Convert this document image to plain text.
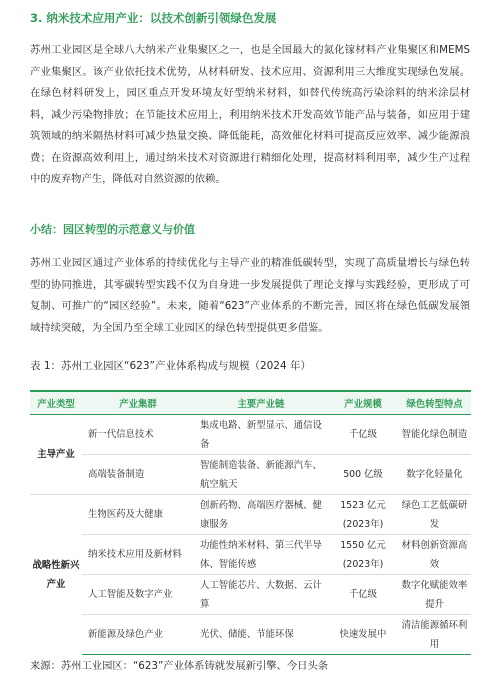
3. 纳米技术应用产业：以技术创新引领绿色发展
苏州工业园区是全球八大纳米产业集聚区之一，也是全国最大的氮化镓材料产业集聚区和MEMS 产业集聚区。该产业依托技术优势，从材料研发、技术应用、资源利用三大维度实现绿色发展。在绿色材料研发上，园区重点开发环境友好型纳米材料，如替代传统高污染涂料的纳米涂层材料，减少污染物排放；在节能技术应用上，利用纳米技术开发高效节能产品与装备，如应用于建筑领域的纳米隔热材料可减少热量交换、降低能耗，高效催化材料可提高反应效率、减少能源浪费；在资源高效利用上，通过纳米技术对资源进行精细化处理，提高材料利用率，减少生产过程中的废弃物产生，降低对自然资源的依赖。
小结：园区转型的示范意义与价值
苏州工业园区通过产业体系的持续优化与主导产业的精准低碳转型，实现了高质量增长与绿色转型的协同推进，其零碳转型实践不仅为自身进一步发展提供了理论支撑与实践经验，更形成了可复制、可推广的“园区经验”。未来，随着“623”产业体系的不断完善，园区将在绿色低碳发展領域持续突破，为全国乃至全球工业园区的绿色转型提供更多借鉴。
表 1：苏州工业园区“623”产业体系构成与规模（2024 年）
产业类型	产业集群	主要产业链	产业规模	绿色转型特点
主导产业	新一代信息技术	集成电路、新型显示、通信设备	千亿级	智能化绿色制造
	高端装备制造	智能制造装备、新能源汽车、航空航天	500 亿级	数字化轻量化
战略性新兴产业	生物医药及大健康	创新药物、高端医疗器械、健康服务	1523 亿元(2023年)	绿色工艺低碳研发
	纳米技术应用及新材料	功能性纳米材料、第三代半导体、智能传感	1550 亿元(2023年)	材料创新资源高效
	人工智能及数字产业	人工智能芯片、大数据、云计算	千亿级	数字化赋能效率提升
	新能源及绿色产业	光伏、储能、节能环保	快速发展中	清洁能源循环利用
来源：苏州工业园区：“623”产业体系铸就发展新引擎、今日头条
